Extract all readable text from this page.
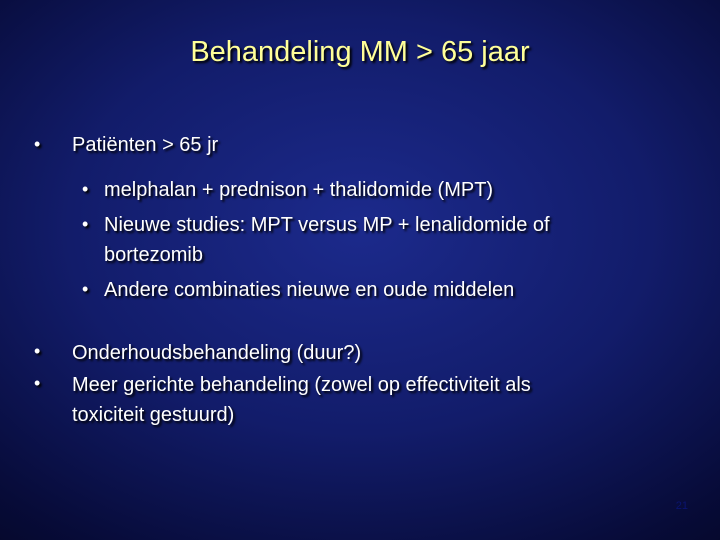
Behandeling MM > 65 jaar
• Patiënten > 65 jr
• melphalan + prednison + thalidomide (MPT)
• Nieuwe studies: MPT versus MP + lenalidomide of
bortezomib
• Andere combinaties nieuwe en oude middelen
• Onderhoudsbehandeling (duur?)
• Meer gerichte behandeling (zowel op effectiviteit als
toxiciteit gestuurd)
21
